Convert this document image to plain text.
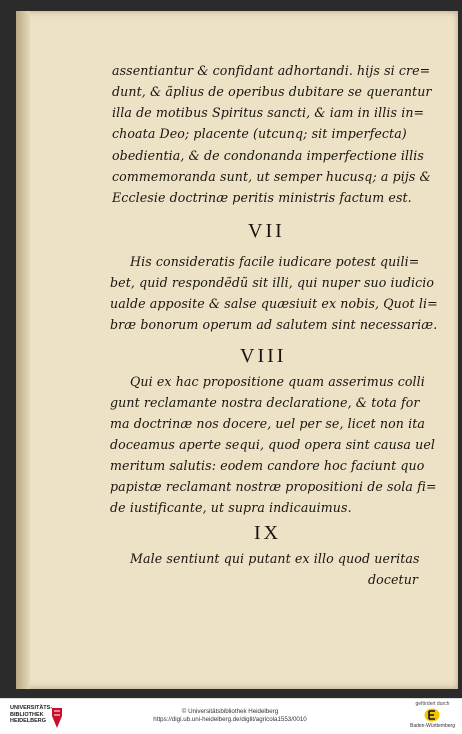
assentiantur & confidant adhortandi. hijs si cre=
dunt, & ãplius de operibus dubitare se querantur
illa de motibus Spiritus sancti, & iam in illis in=
choata Deo; placente (utcunq; sit imperfecta)
obedientia, & de condonanda imperfectione illis
commemoranda sunt, ut semper hucusq; a pijs &
Ecclesie doctrinæ peritis ministris factum est.
VII
His consideratis facile iudicare potest quili=
bet, quid respondẽdũ sit illi, qui nuper suo iudicio
ualde apposite & salse quæsiuit ex nobis, Quot li=
bræ bonorum operum ad salutem sint necessariæ.
VIII
Qui ex hac propositione quam asserimus colli
gunt reclamante nostra declaratione, & tota for
ma doctrinæ nos docere, uel per se, licet non ita
doceamus aperte sequi, quod opera sint causa uel
meritum salutis: eodem candore hoc faciunt quo
papistæ reclamant nostræ propositioni de sola fi=
de iustificante, ut supra indicauimus.
IX
Male sentiunt qui putant ex illo quod ueritas
docetur
UNIVERSITÄTS-
BIBLIOTHEK
HEIDELBERG
© Universitätsbibliothek Heidelberg
https://digi.ub.uni-heidelberg.de/diglit/agricola1553/0010
gefördert durch
Baden-Württemberg
